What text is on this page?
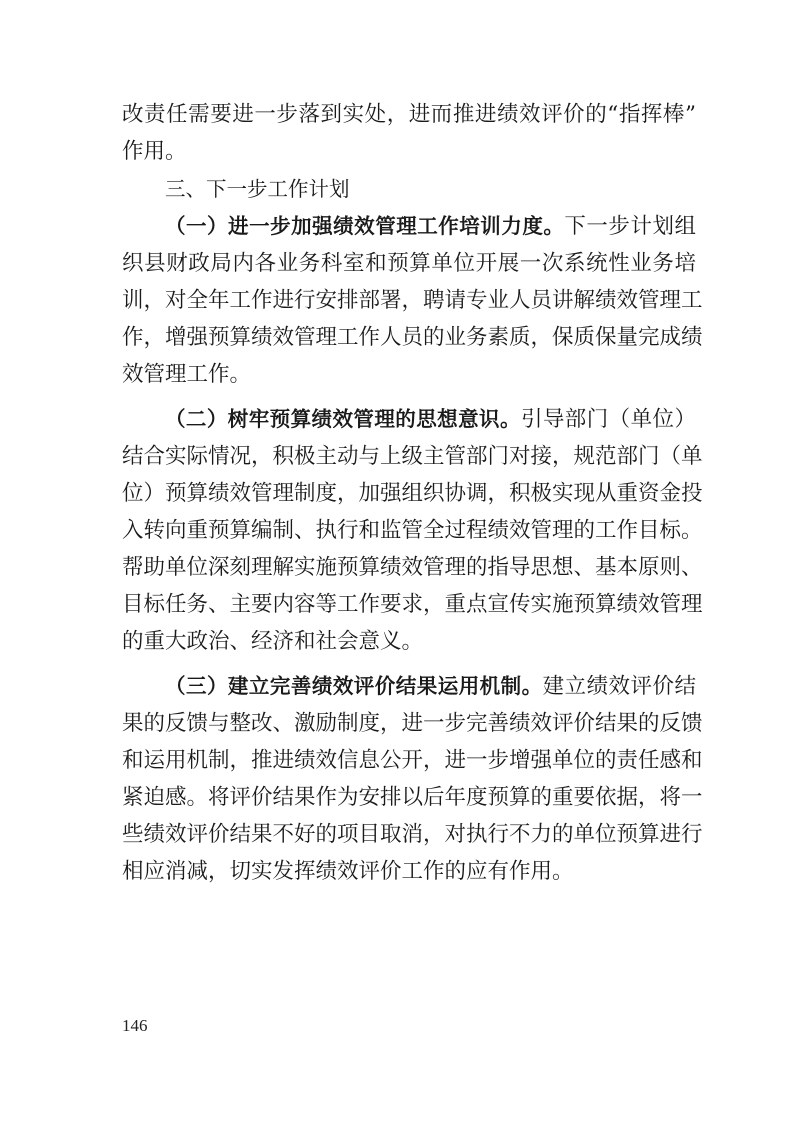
改责任需要进一步落到实处，进而推进绩效评价的“指挥棒”
作用。
三、下一步工作计划
（一）进一步加强绩效管理工作培训力度。下一步计划组
织县财政局内各业务科室和预算单位开展一次系统性业务培
训，对全年工作进行安排部署，聘请专业人员讲解绩效管理工
作，增强预算绩效管理工作人员的业务素质，保质保量完成绩
效管理工作。
（二）树牢预算绩效管理的思想意识。引导部门（单位）
结合实际情况，积极主动与上级主管部门对接，规范部门（单
位）预算绩效管理制度，加强组织协调，积极实现从重资金投
入转向重预算编制、执行和监管全过程绩效管理的工作目标。
帮助单位深刻理解实施预算绩效管理的指导思想、基本原则、
目标任务、主要内容等工作要求，重点宣传实施预算绩效管理
的重大政治、经济和社会意义。
（三）建立完善绩效评价结果运用机制。建立绩效评价结
果的反馈与整改、激励制度，进一步完善绩效评价结果的反馈
和运用机制，推进绩效信息公开，进一步增强单位的责任感和
紧迫感。将评价结果作为安排以后年度预算的重要依据，将一
些绩效评价结果不好的项目取消，对执行不力的单位预算进行
相应消减，切实发挥绩效评价工作的应有作用。
146
